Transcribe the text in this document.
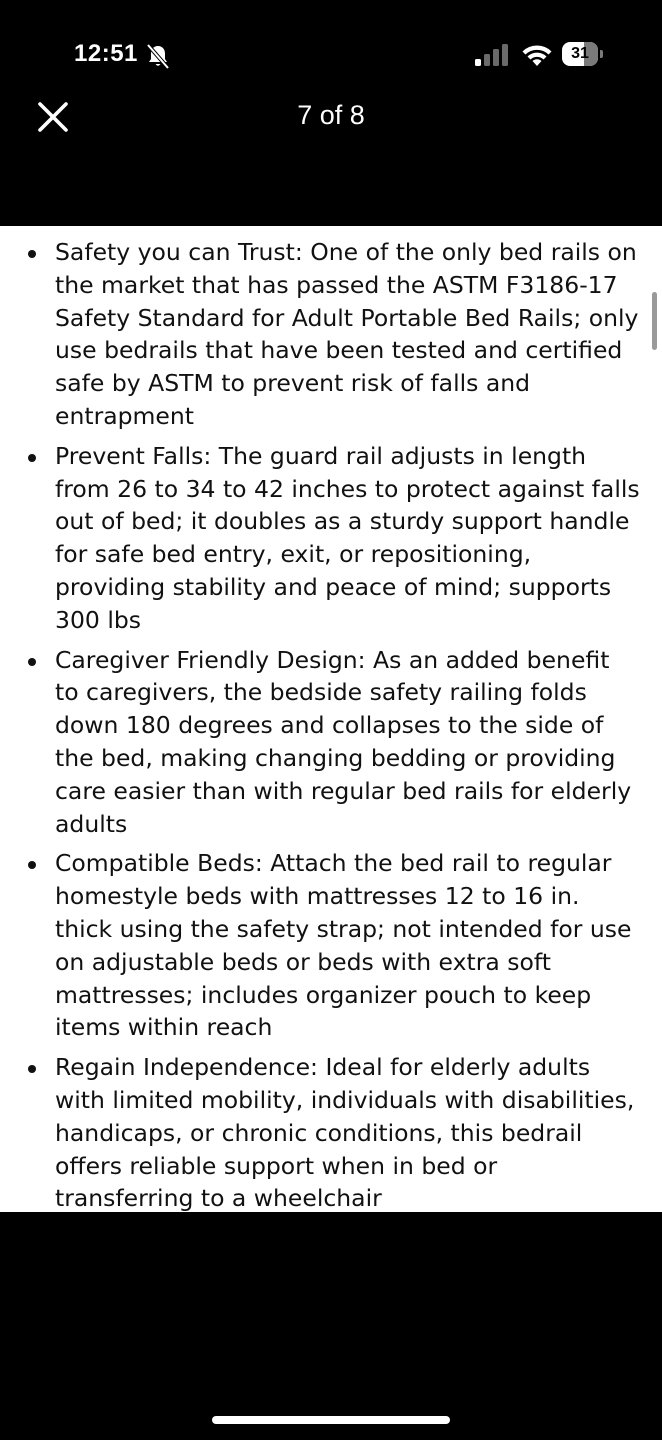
12:51	31
7 of 8
Safety you can Trust: One of the only bed rails on the market that has passed the ASTM F3186-17 Safety Standard for Adult Portable Bed Rails; only use bedrails that have been tested and certified safe by ASTM to prevent risk of falls and entrapment
Prevent Falls: The guard rail adjusts in length from 26 to 34 to 42 inches to protect against falls out of bed; it doubles as a sturdy support handle for safe bed entry, exit, or repositioning, providing stability and peace of mind; supports 300 lbs
Caregiver Friendly Design: As an added benefit to caregivers, the bedside safety railing folds down 180 degrees and collapses to the side of the bed, making changing bedding or providing care easier than with regular bed rails for elderly adults
Compatible Beds: Attach the bed rail to regular homestyle beds with mattresses 12 to 16 in. thick using the safety strap; not intended for use on adjustable beds or beds with extra soft mattresses; includes organizer pouch to keep items within reach
Regain Independence: Ideal for elderly adults with limited mobility, individuals with disabilities, handicaps, or chronic conditions, this bedrail offers reliable support when in bed or transferring to a wheelchair
